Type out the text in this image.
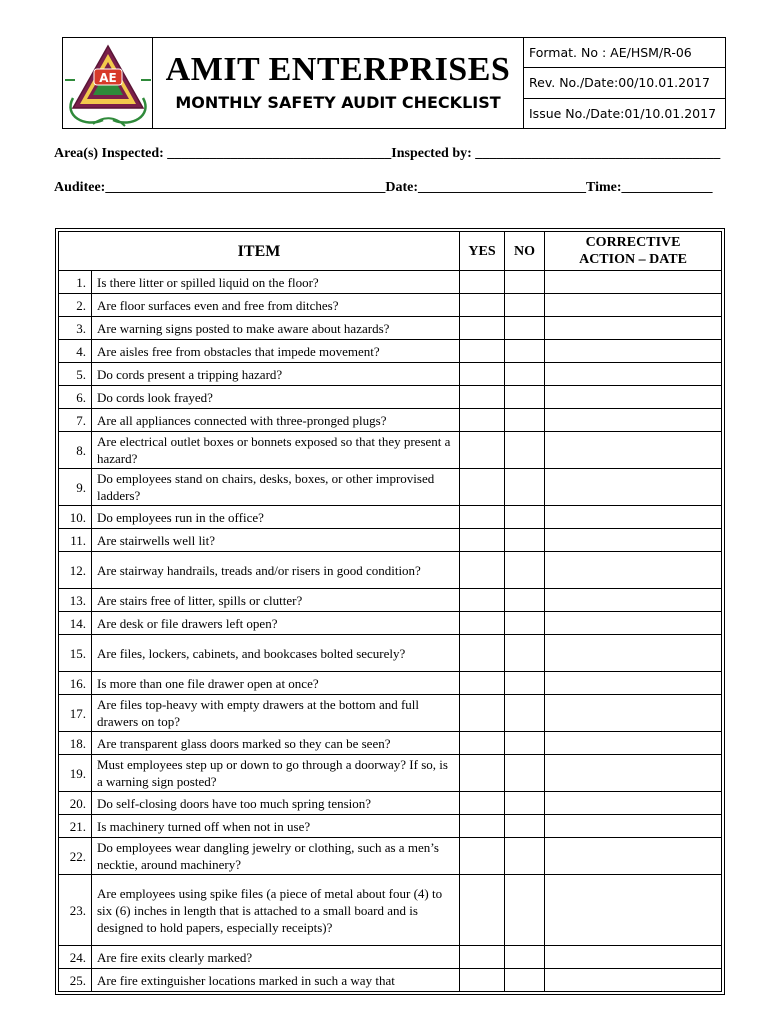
AE	AMIT ENTERPRISES
MONTHLY SAFETY AUDIT CHECKLIST
Format. No : AE/HSM/R-06
Rev. No./Date:00/10.01.2017
Issue No./Date:01/10.01.2017
Area(s) Inspected: ________________________________Inspected by: ___________________________________
Auditee:________________________________________Date:________________________Time:_____________
ITEM		YES	NO	CORRECTIVE
ACTION – DATE
1.	Is there litter or spilled liquid on the floor?			
2.	Are floor surfaces even and free from ditches?			
3.	Are warning signs posted to make aware about hazards?			
4.	Are aisles free from obstacles that impede movement?			
5.	Do cords present a tripping hazard?			
6.	Do cords look frayed?			
7.	Are all appliances connected with three-pronged plugs?			
8.	Are electrical outlet boxes or bonnets exposed so that they present a hazard?			
9.	Do employees stand on chairs, desks, boxes, or other improvised ladders?			
10.	Do employees run in the office?			
11.	Are stairwells well lit?			
12.	Are stairway handrails, treads and/or risers in good condition?			
13.	Are stairs free of litter, spills or clutter?			
14.	Are desk or file drawers left open?			
15.	Are files, lockers, cabinets, and bookcases bolted securely?			
16.	Is more than one file drawer open at once?			
17.	Are files top-heavy with empty drawers at the bottom and full drawers on top?			
18.	Are transparent glass doors marked so they can be seen?			
19.	Must employees step up or down to go through a doorway? If so, is a warning sign posted?			
20.	Do self-closing doors have too much spring tension?			
21.	Is machinery turned off when not in use?			
22.	Do employees wear dangling jewelry or clothing, such as a men’s necktie, around machinery?			
23.	Are employees using spike files (a piece of metal about four (4) to six (6) inches in length that is attached to a small board and is designed to hold papers, especially receipts)?			
24.	Are fire exits clearly marked?			
25.	Are fire extinguisher locations marked in such a way that			
